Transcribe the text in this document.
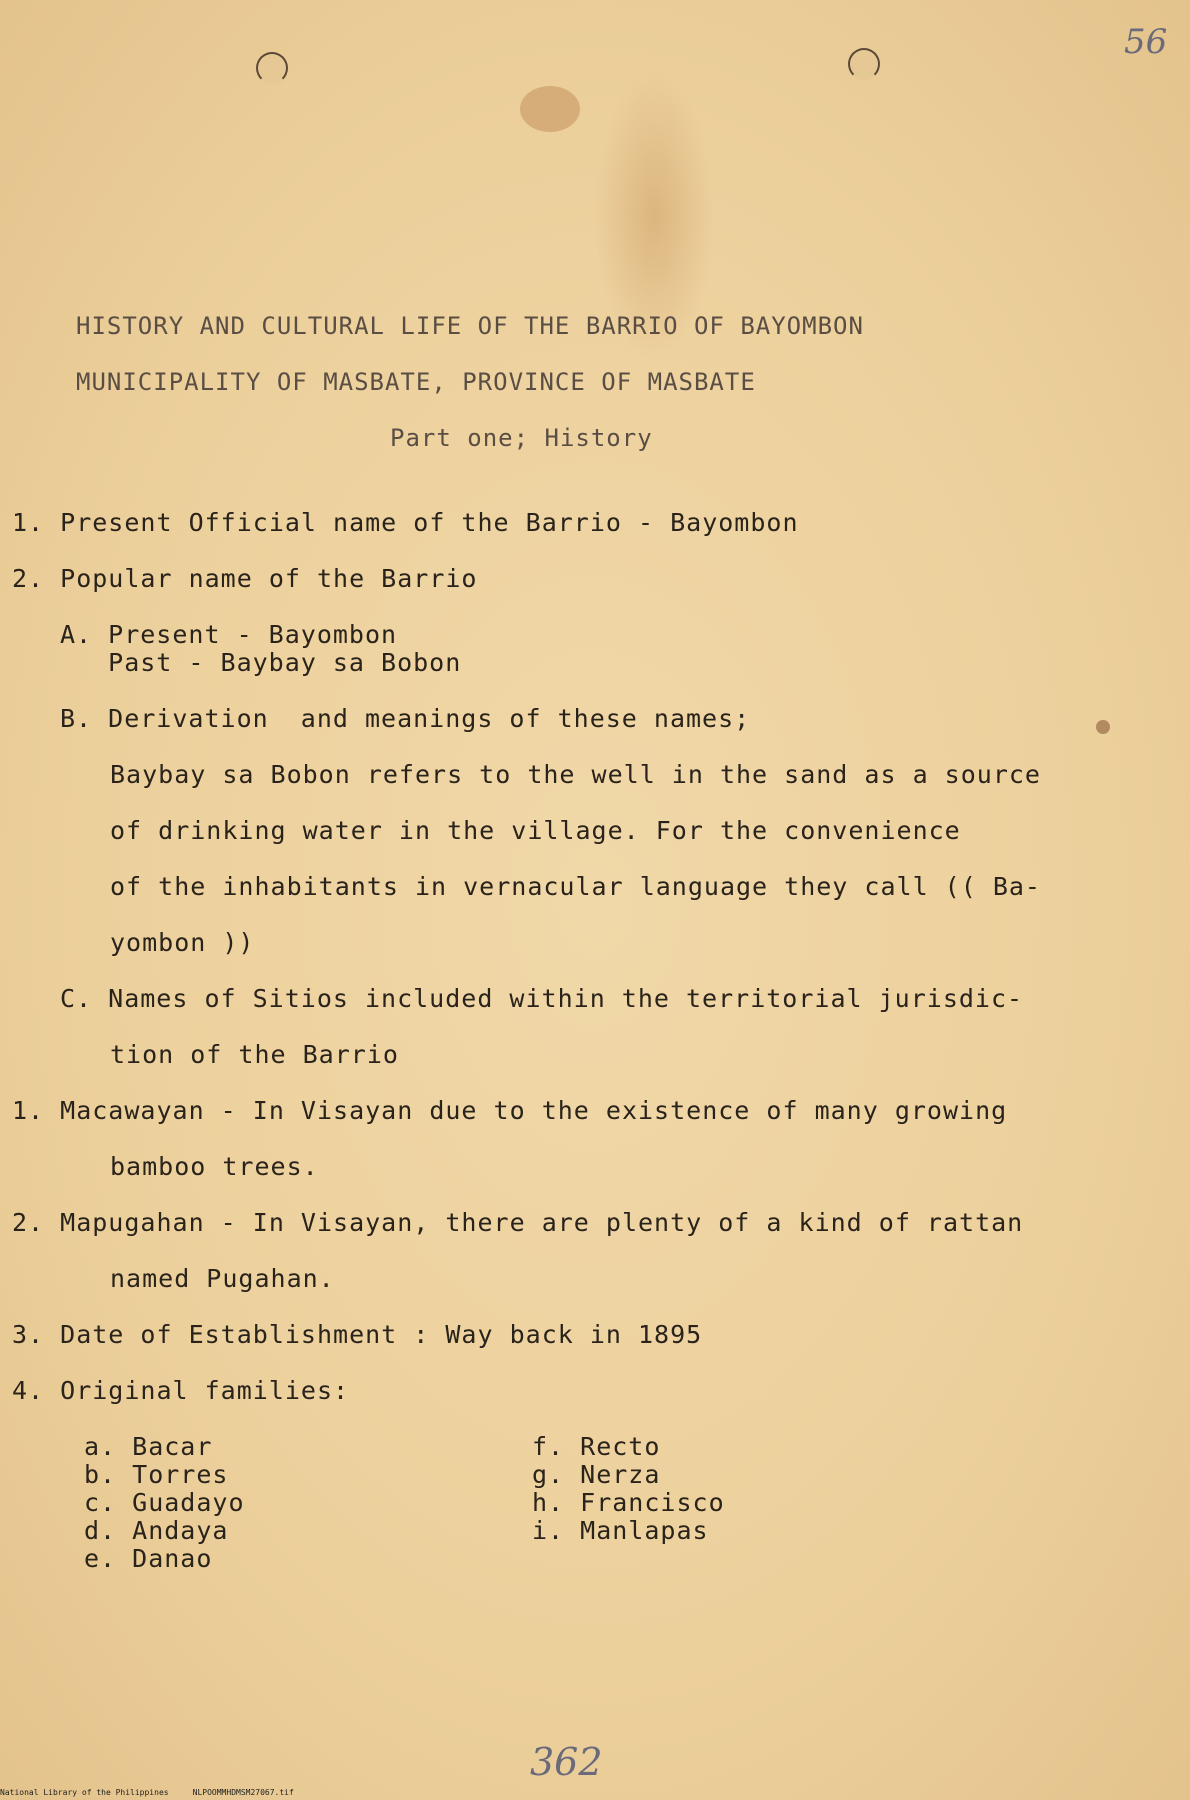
56
HISTORY AND CULTURAL LIFE OF THE BARRIO OF BAYOMBON
MUNICIPALITY OF MASBATE, PROVINCE OF MASBATE
Part one; History
1. Present Official name of the Barrio - Bayombon
2. Popular name of the Barrio
A. Present - Bayombon
Past - Baybay sa Bobon
B. Derivation  and meanings of these names;
Baybay sa Bobon refers to the well in the sand as a source
of drinking water in the village. For the convenience
of the inhabitants in vernacular language they call (( Ba-
yombon ))
C. Names of Sitios included within the territorial jurisdic-
tion of the Barrio
1. Macawayan - In Visayan due to the existence of many growing
bamboo trees.
2. Mapugahan - In Visayan, there are plenty of a kind of rattan
named Pugahan.
3. Date of Establishment : Way back in 1895
4. Original families:
a. Bacar
b. Torres
c. Guadayo
d. Andaya
e. Danao
f. Recto
g. Nerza
h. Francisco
i. Manlapas
362
National Library of the Philippines     NLPOOMMHDMSM27067.tif
